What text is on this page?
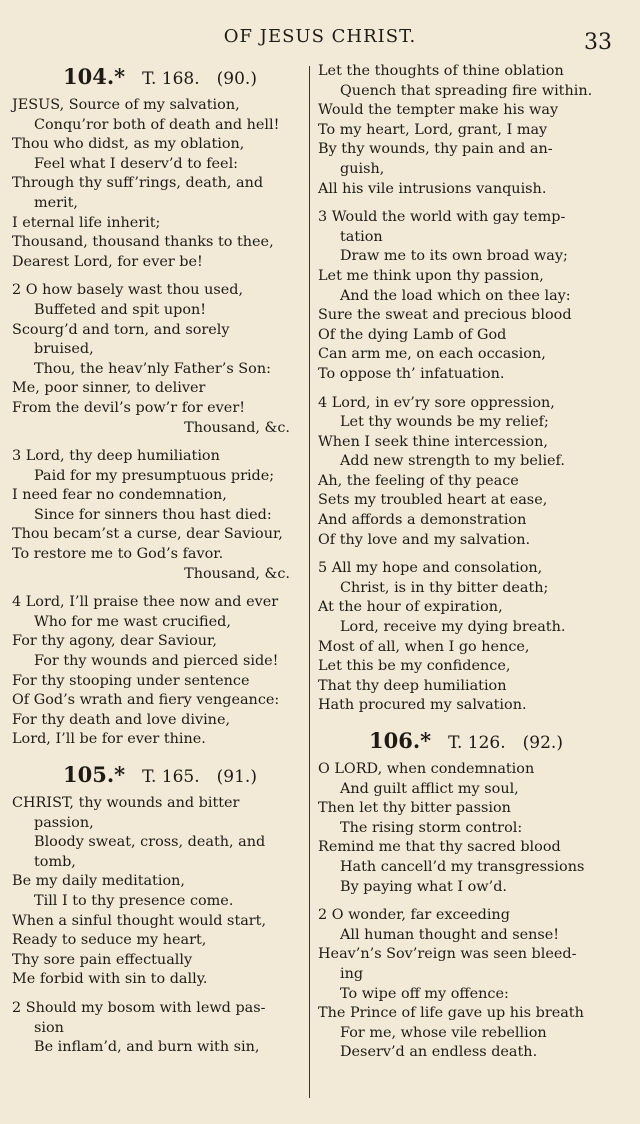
OF JESUS CHRIST.	33
104.*  T. 168.  (90.)
JESUS, Source of my salvation,
Conqu’ror both of death and hell!
Thou who didst, as my oblation,
Feel what I deserv’d to feel:
Through thy suff’rings, death, and
merit,
I eternal life inherit;
Thousand, thousand thanks to thee,
Dearest Lord, for ever be!
2 O how basely wast thou used,
Buffeted and spit upon!
Scourg’d and torn, and sorely
bruised,
Thou, the heav’nly Father’s Son:
Me, poor sinner, to deliver
From the devil’s pow’r for ever!
Thousand, &c.
3 Lord, thy deep humiliation
Paid for my presumptuous pride;
I need fear no condemnation,
Since for sinners thou hast died:
Thou becam’st a curse, dear Saviour,
To restore me to God’s favor.
Thousand, &c.
4 Lord, I’ll praise thee now and ever
Who for me wast crucified,
For thy agony, dear Saviour,
For thy wounds and pierced side!
For thy stooping under sentence
Of God’s wrath and fiery vengeance:
For thy death and love divine,
Lord, I’ll be for ever thine.
105.*  T. 165.  (91.)
CHRIST, thy wounds and bitter
passion,
Bloody sweat, cross, death, and
tomb,
Be my daily meditation,
Till I to thy presence come.
When a sinful thought would start,
Ready to seduce my heart,
Thy sore pain effectually
Me forbid with sin to dally.
2 Should my bosom with lewd pas-
sion
Be inflam’d, and burn with sin,
Let the thoughts of thine oblation
Quench that spreading fire within.
Would the tempter make his way
To my heart, Lord, grant, I may
By thy wounds, thy pain and an-
guish,
All his vile intrusions vanquish.
3 Would the world with gay temp-
tation
Draw me to its own broad way;
Let me think upon thy passion,
And the load which on thee lay:
Sure the sweat and precious blood
Of the dying Lamb of God
Can arm me, on each occasion,
To oppose th’ infatuation.
4 Lord, in ev’ry sore oppression,
Let thy wounds be my relief;
When I seek thine intercession,
Add new strength to my belief.
Ah, the feeling of thy peace
Sets my troubled heart at ease,
And affords a demonstration
Of thy love and my salvation.
5 All my hope and consolation,
Christ, is in thy bitter death;
At the hour of expiration,
Lord, receive my dying breath.
Most of all, when I go hence,
Let this be my confidence,
That thy deep humiliation
Hath procured my salvation.
106.*  T. 126.  (92.)
O LORD, when condemnation
And guilt afflict my soul,
Then let thy bitter passion
The rising storm control:
Remind me that thy sacred blood
Hath cancell’d my transgressions
By paying what I ow’d.
2 O wonder, far exceeding
All human thought and sense!
Heav’n’s Sov’reign was seen bleed-
ing
To wipe off my offence:
The Prince of life gave up his breath
For me, whose vile rebellion
Deserv’d an endless death.
